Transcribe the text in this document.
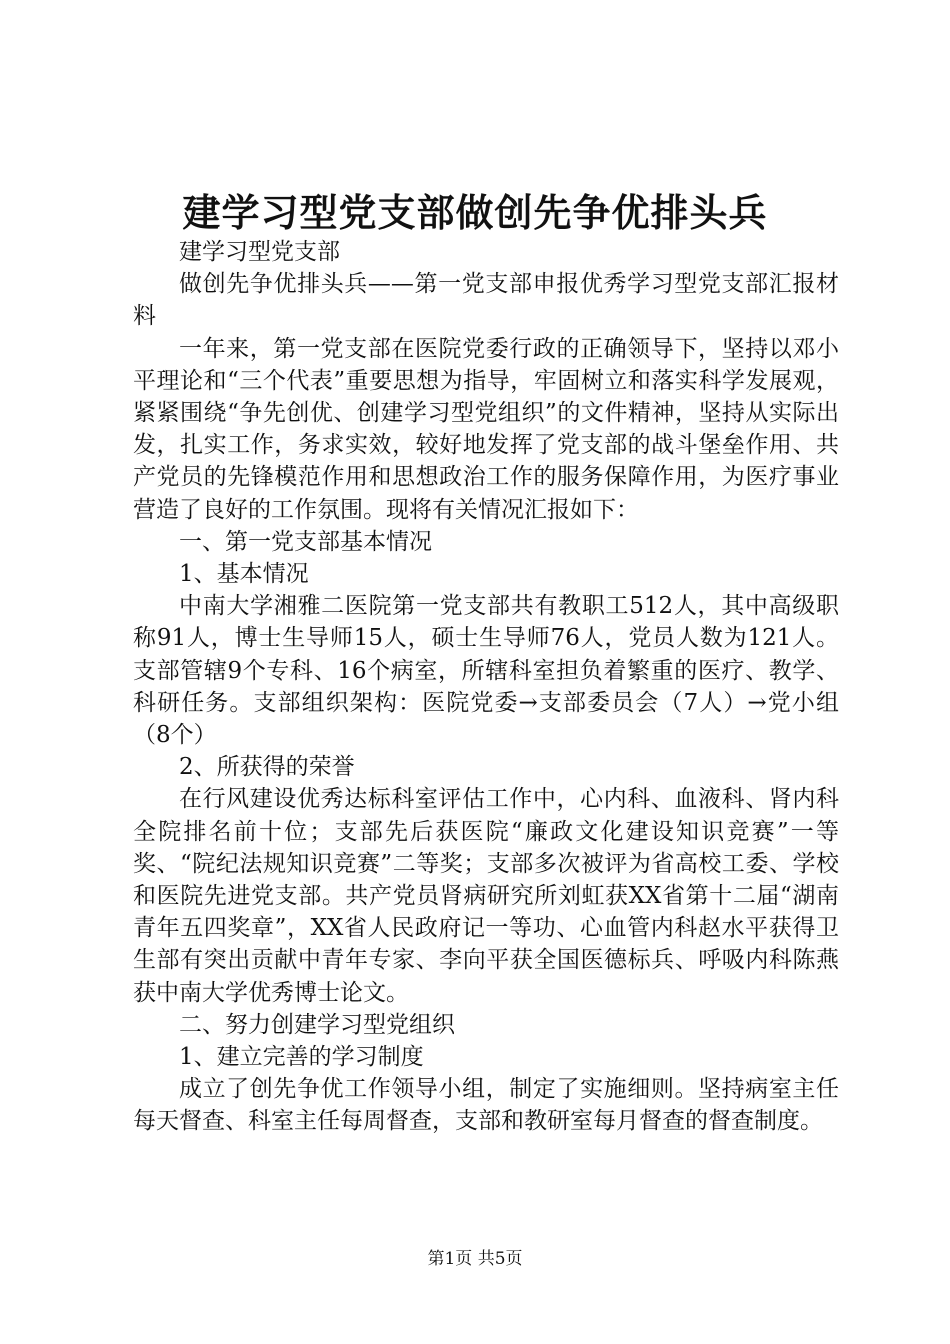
建学习型党支部做创先争优排头兵

建学习型党支部

做创先争优排头兵——第一党支部申报优秀学习型党支部汇报材料

一年来，第一党支部在医院党委行政的正确领导下，坚持以邓小平理论和“三个代表”重要思想为指导，牢固树立和落实科学发展观，紧紧围绕“争先创优、创建学习型党组织”的文件精神，坚持从实际出发，扎实工作，务求实效，较好地发挥了党支部的战斗堡垒作用、共产党员的先锋模范作用和思想政治工作的服务保障作用，为医疗事业营造了良好的工作氛围。现将有关情况汇报如下：

一、第一党支部基本情况

1、基本情况

中南大学湘雅二医院第一党支部共有教职工512人，其中高级职称91人，博士生导师15人，硕士生导师76人，党员人数为121人。支部管辖9个专科、16个病室，所辖科室担负着繁重的医疗、教学、科研任务。支部组织架构：医院党委→支部委员会（7人）→党小组（8个）

2、所获得的荣誉

在行风建设优秀达标科室评估工作中，心内科、血液科、肾内科全院排名前十位；支部先后获医院“廉政文化建设知识竞赛”一等奖、“院纪法规知识竞赛”二等奖；支部多次被评为省高校工委、学校和医院先进党支部。共产党员肾病研究所刘虹获XX省第十二届“湖南青年五四奖章”，XX省人民政府记一等功、心血管内科赵水平获得卫生部有突出贡献中青年专家、李向平获全国医德标兵、呼吸内科陈燕获中南大学优秀博士论文。

二、努力创建学习型党组织

1、建立完善的学习制度

成立了创先争优工作领导小组，制定了实施细则。坚持病室主任每天督查、科室主任每周督查，支部和教研室每月督查的督查制度。

第1页 共5页
